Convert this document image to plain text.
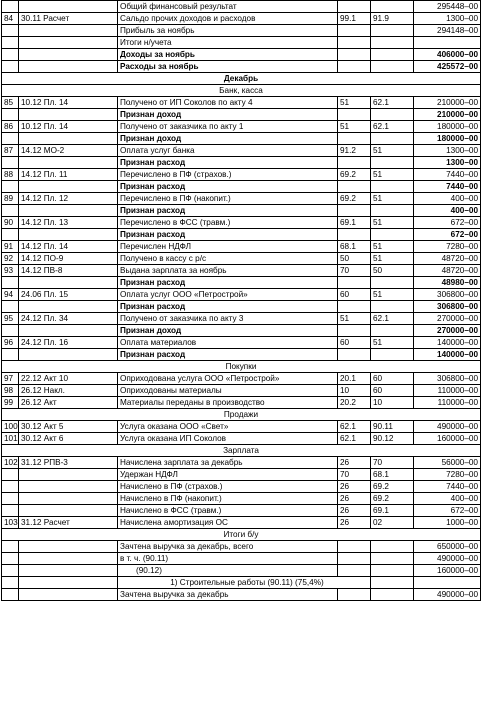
		Общий финансовый результат			295448–00
84	30.11 Расчет	Сальдо прочих доходов и расходов	99.1	91.9	1300–00
		Прибыль за ноябрь			294148–00
		Итоги н/учета			
		Доходы за ноябрь			406000–00
		Расходы за ноябрь			425572–00
Декабрь					
Банк, касса					
85	10.12 Пл. 14	Получено от ИП Соколов по акту 4	51	62.1	210000–00
		Признан доход			210000–00
86	10.12 Пл. 14	Получено от заказчика по акту 1	51	62.1	180000–00
		Признан доход			180000–00
87	14.12 МО-2	Оплата услуг банка	91.2	51	1300–00
		Признан расход			1300–00
88	14.12 Пл. 11	Перечислено в ПФ (страхов.)	69.2	51	7440–00
		Признан расход			7440–00
89	14.12 Пл. 12	Перечислено в ПФ (накопит.)	69.2	51	400–00
		Признан расход			400–00
90	14.12 Пл. 13	Перечислено в ФСС (травм.)	69.1	51	672–00
		Признан расход			672–00
91	14.12 Пл. 14	Перечислен НДФЛ	68.1	51	7280–00
92	14.12 ПО-9	Получено в кассу с р/с	50	51	48720–00
93	14.12 ПВ-8	Выдана зарплата за ноябрь	70	50	48720–00
		Признан расход			48980–00
94	24.06 Пл. 15	Оплата услуг ООО «Петрострой»	60	51	306800–00
		Признан расход			306800–00
95	24.12 Пл. 34	Получено от заказчика по акту 3	51	62.1	270000–00
		Признан доход			270000–00
96	24.12 Пл. 16	Оплата материалов	60	51	140000–00
		Признан расход			140000–00
Покупки					
97	22.12 Акт 10	Оприходована услуга ООО «Петрострой»	20.1	60	306800–00
98	26.12 Накл.	Оприходованы материалы	10	60	110000–00
99	26.12 Акт	Материалы переданы в производство	20.2	10	110000–00
Продажи					
100	30.12 Акт 5	Услуга оказана ООО «Свет»	62.1	90.11	490000–00
101	30.12 Акт 6	Услуга оказана ИП Соколов	62.1	90.12	160000–00
Зарплата					
102	31.12 РПВ-3	Начислена зарплата за декабрь	26	70	56000–00
		Удержан НДФЛ	70	68.1	7280–00
		Начислено в ПФ (страхов.)	26	69.2	7440–00
		Начислено в ПФ (накопит.)	26	69.2	400–00
		Начислено в ФСС (травм.)	26	69.1	672–00
103	31.12 Расчет	Начислена амортизация ОС	26	02	1000–00
Итоги б/у					
		Зачтена выручка за декабрь, всего			650000–00
		в т. ч. (90.11)			490000–00
		(90.12)			160000–00
		1) Строительные работы (90.11) (75,4%)			
		Зачтена выручка за декабрь			490000–00
